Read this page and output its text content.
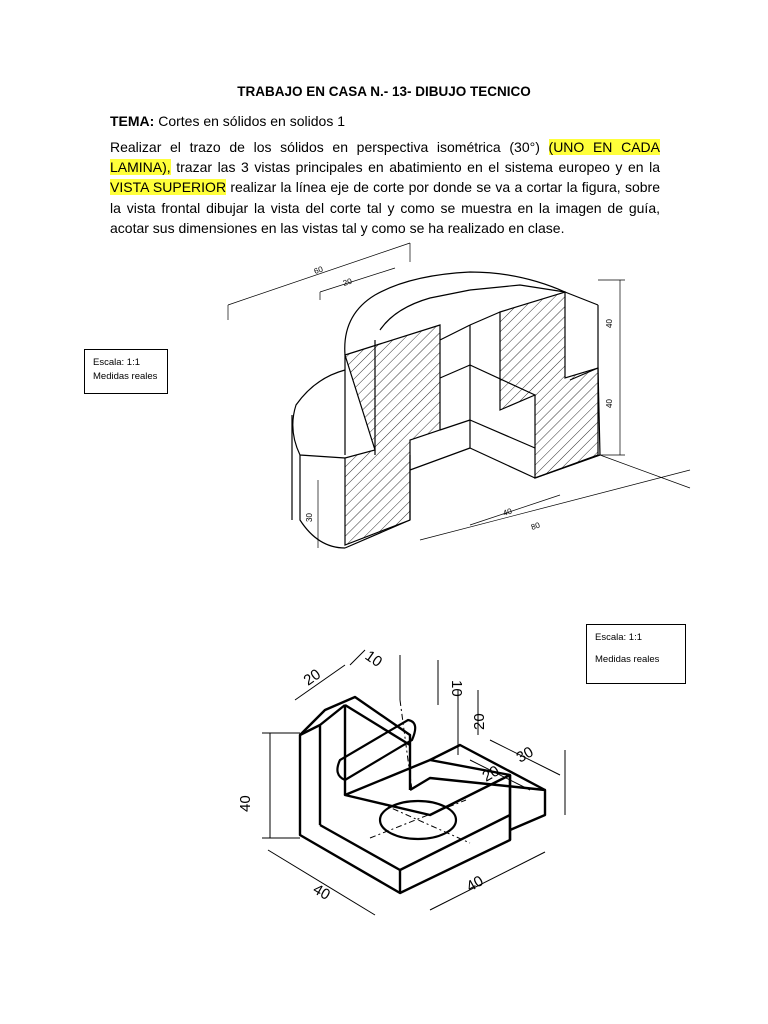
TRABAJO EN CASA N.- 13- DIBUJO TECNICO
TEMA: Cortes en sólidos en solidos 1
Realizar el trazo de los sólidos en perspectiva isométrica (30°) (UNO EN CADA LAMINA), trazar las 3 vistas principales en abatimiento en el sistema europeo y en la VISTA SUPERIOR realizar la línea eje de corte por donde se va a cortar la figura, sobre la vista frontal dibujar la vista del corte tal y como se muestra en la imagen de guía, acotar sus dimensiones en las vistas tal y como se ha realizado en clase.
Escala: 1:1
Medidas reales
Escala: 1:1
Medidas reales
60
20
40
40
30	40
80
40
40	40
20
10
10
20
30
20
